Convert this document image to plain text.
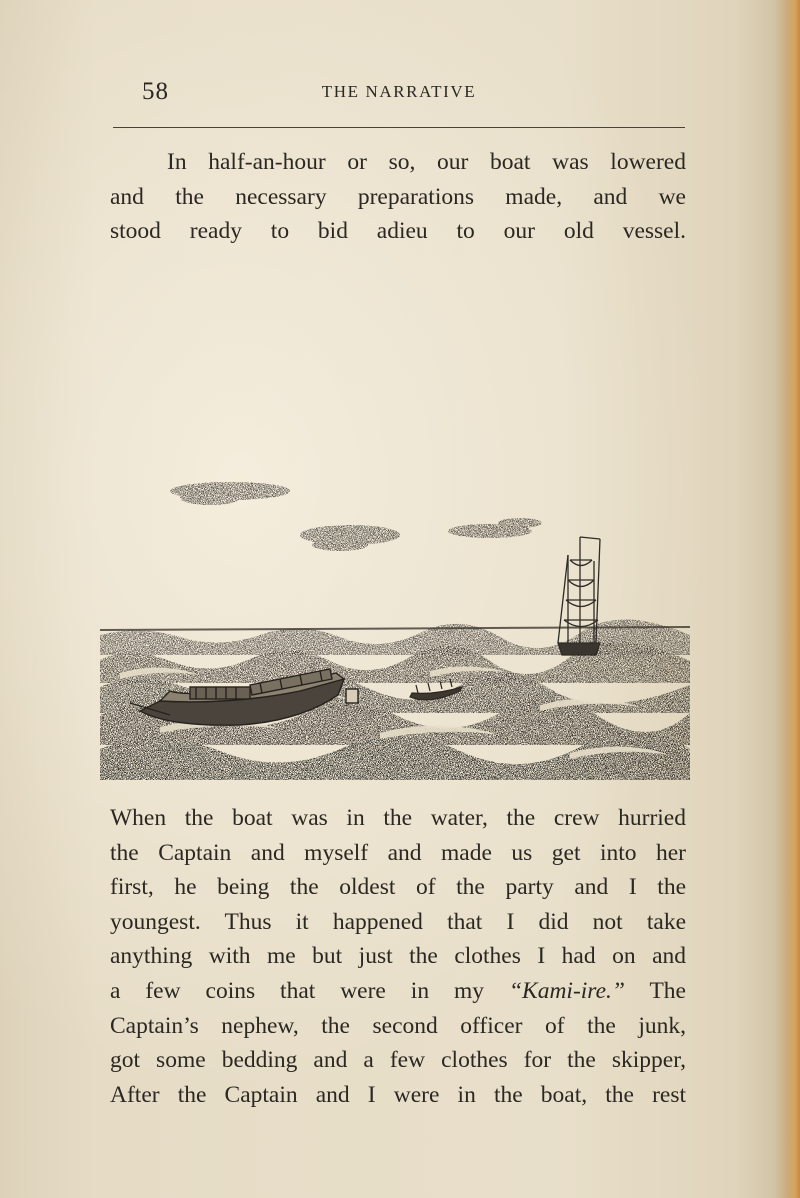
58	THE NARRATIVE
In half-an-hour or so, our boat was lowered
and the necessary preparations made, and we
stood ready to bid adieu to our old vessel.
When the boat was in the water, the crew hurried
the Captain and myself and made us get into her
first, he being the oldest of the party and I the
youngest. Thus it happened that I did not take
anything with me but just the clothes I had on and
a few coins that were in my “Kami-ire.” The
Captain’s nephew, the second officer of the junk,
got some bedding and a few clothes for the skipper,
After the Captain and I were in the boat, the rest
